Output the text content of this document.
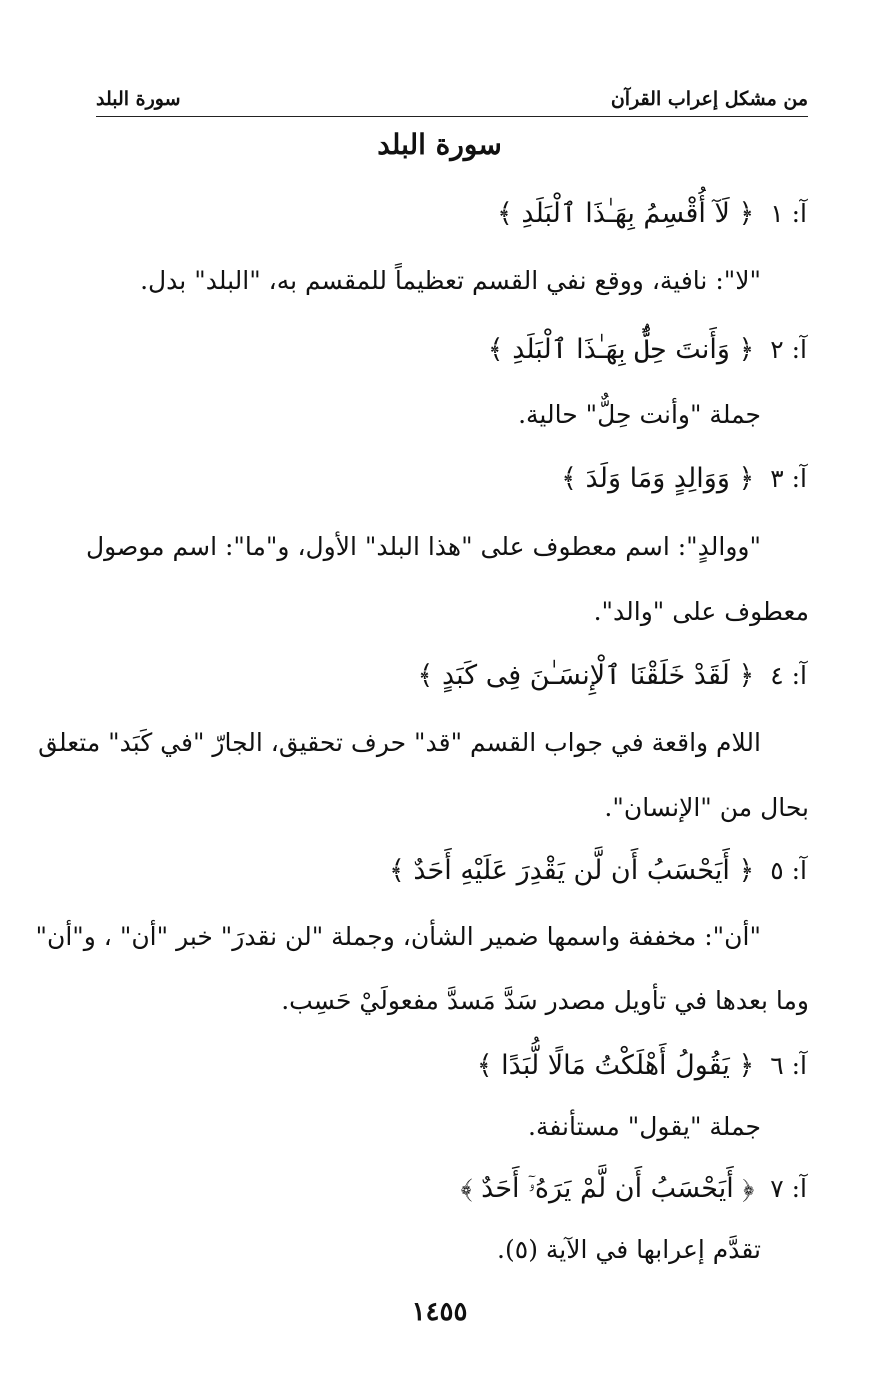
من مشكل إعراب القرآن
سورة البلد
سورة البلد
آ: ١ ﴿ لَآ أُقْسِمُ بِهَـٰذَا ٱلْبَلَدِ ﴾
"لا": نافية، ووقع نفي القسم تعظيماً للمقسم به، "البلد" بدل.
آ: ٢ ﴿ وَأَنتَ حِلٌّۢ بِهَـٰذَا ٱلْبَلَدِ ﴾
جملة "وأنت حِلٌّ" حالية.
آ: ٣ ﴿ وَوَالِدٍ وَمَا وَلَدَ ﴾
"ووالدٍ": اسم معطوف على "هذا البلد" الأول، و"ما": اسم موصول
معطوف على "والد".
آ: ٤ ﴿ لَقَدْ خَلَقْنَا ٱلْإِنسَـٰنَ فِى كَبَدٍ ﴾
اللام واقعة في جواب القسم "قد" حرف تحقيق، الجارّ "في كَبَد" متعلق
بحال من "الإنسان".
آ: ٥ ﴿ أَيَحْسَبُ أَن لَّن يَقْدِرَ عَلَيْهِ أَحَدٌ ﴾
"أن": مخففة واسمها ضمير الشأن، وجملة "لن نقدرَ" خبر "أن" ، و"أن"
وما بعدها في تأويل مصدر سَدَّ مَسدَّ مفعولَيْ حَسِب.
آ: ٦ ﴿ يَقُولُ أَهْلَكْتُ مَالًا لُّبَدًا ﴾
جملة "يقول" مستأنفة.
آ: ٧ ﴿ أَيَحْسَبُ أَن لَّمْ يَرَهُۥٓ أَحَدٌ ﴾
تقدَّم إعرابها في الآية (٥).
١٤٥٥
